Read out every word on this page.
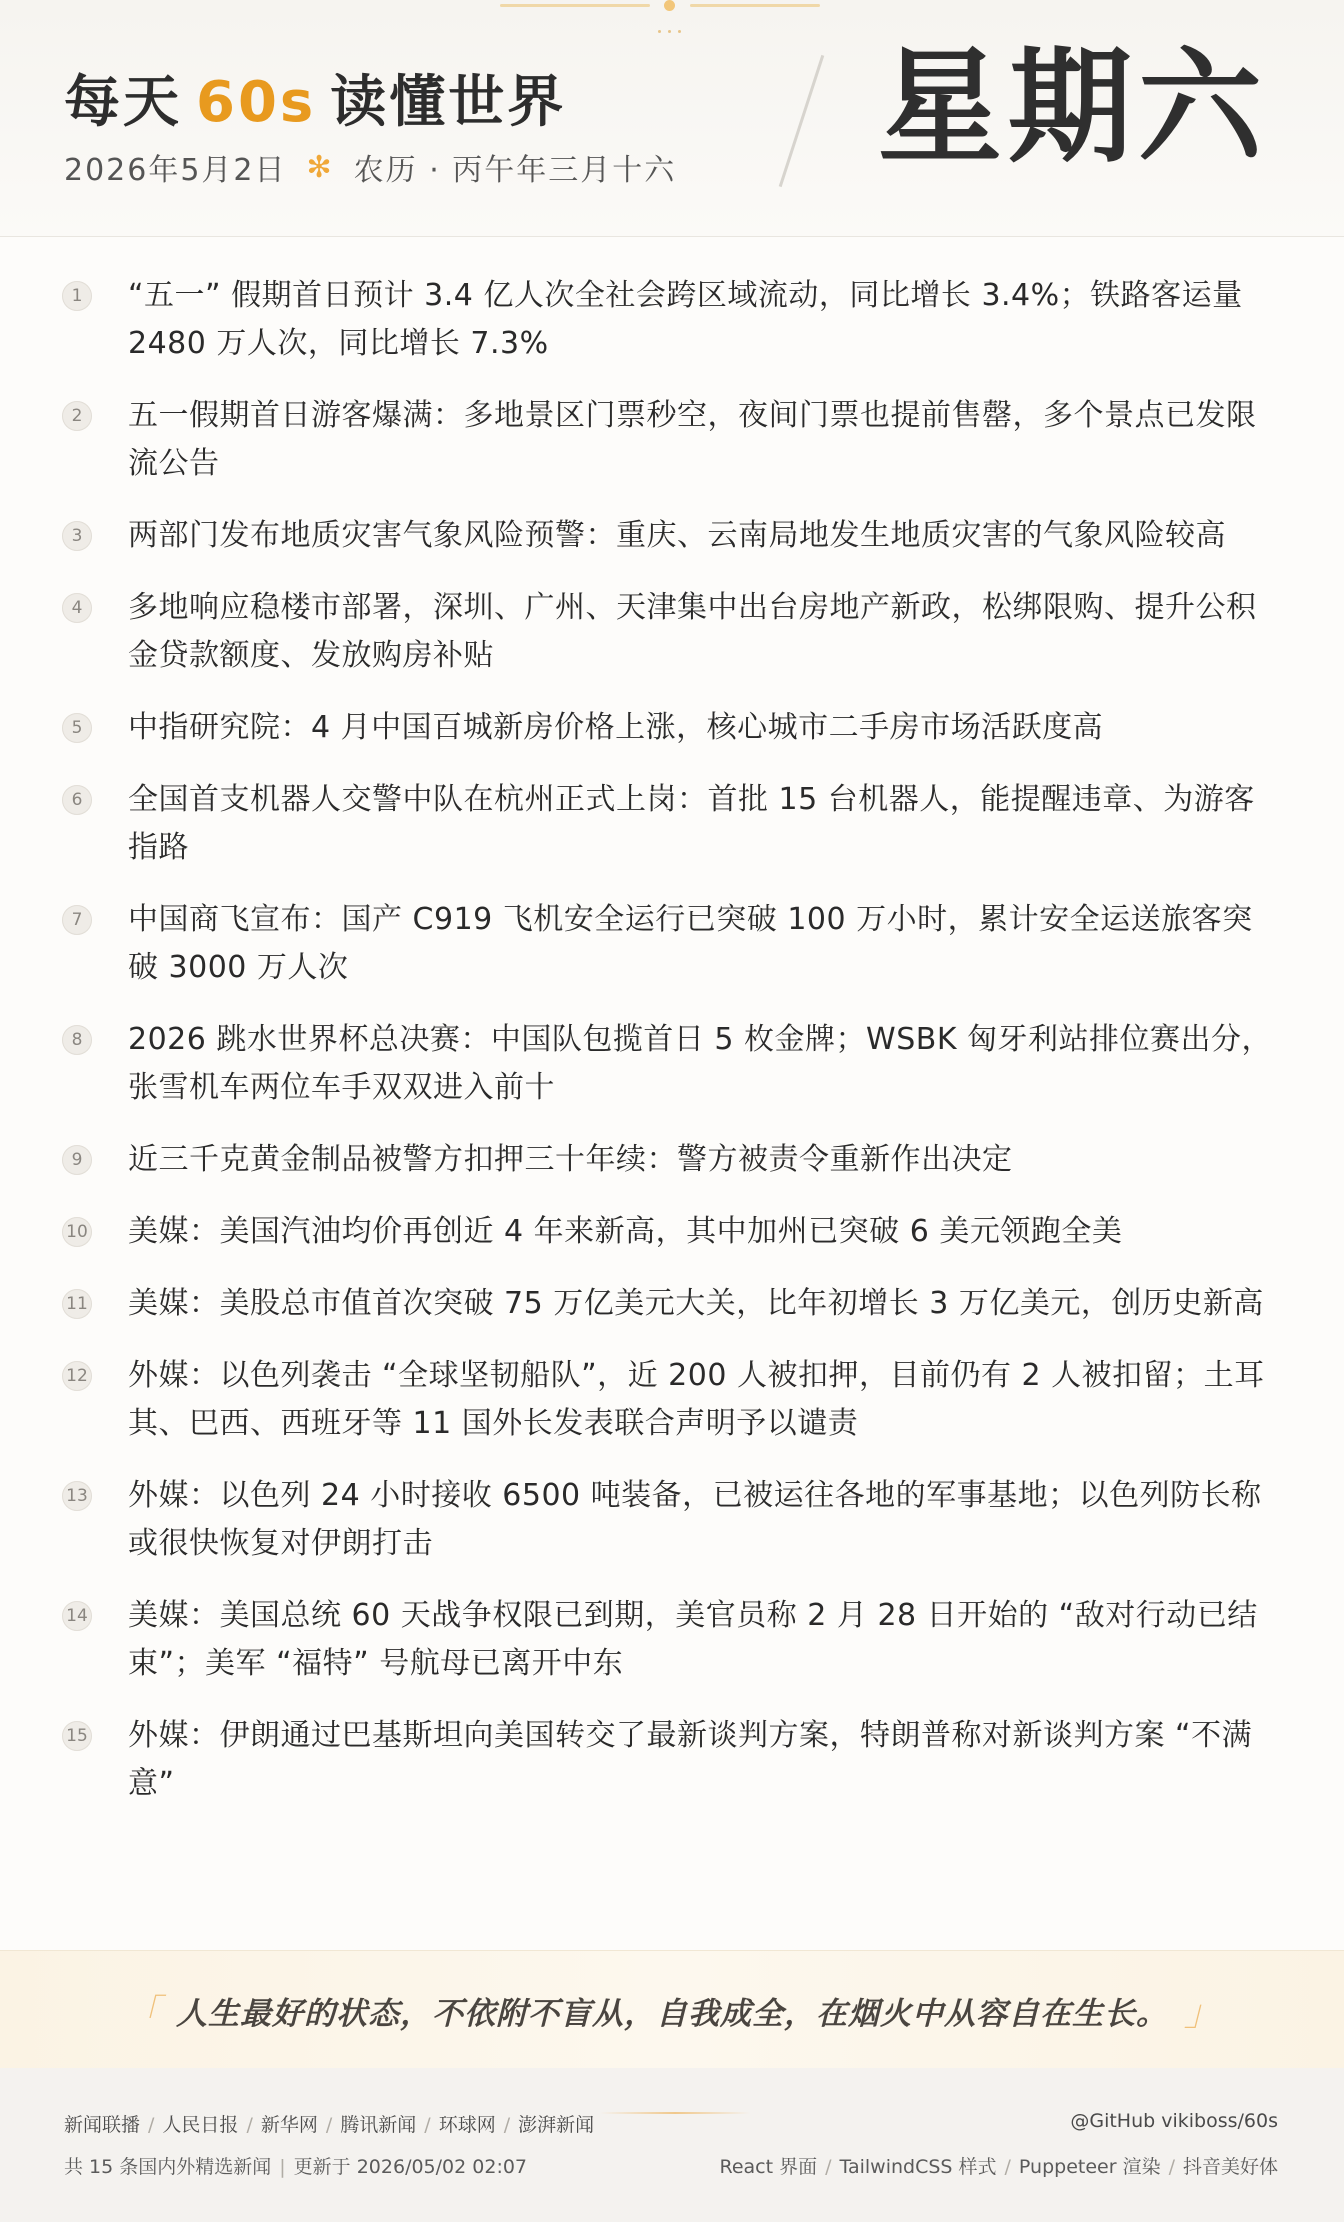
每天 60s 读懂世界
2026年5月2日 ✻ 农历 · 丙午年三月十六 星期六
1	“五一” 假期首日预计 3.4 亿人次全社会跨区域流动，同比增长 3.4%；铁路客运量 2480 万人次，同比增长 7.3%
2	五一假期首日游客爆满：多地景区门票秒空，夜间门票也提前售罄，多个景点已发限流公告
3	两部门发布地质灾害气象风险预警：重庆、云南局地发生地质灾害的气象风险较高
4	多地响应稳楼市部署，深圳、广州、天津集中出台房地产新政，松绑限购、提升公积金贷款额度、发放购房补贴
5	中指研究院：4 月中国百城新房价格上涨，核心城市二手房市场活跃度高
6	全国首支机器人交警中队在杭州正式上岗：首批 15 台机器人，能提醒违章、为游客指路
7	中国商飞宣布：国产 C919 飞机安全运行已突破 100 万小时，累计安全运送旅客突破 3000 万人次
8	2026 跳水世界杯总决赛：中国队包揽首日 5 枚金牌；WSBK 匈牙利站排位赛出分，张雪机车两位车手双双进入前十
9	近三千克黄金制品被警方扣押三十年续：警方被责令重新作出决定
10 美媒：美国汽油均价再创近 4 年来新高，其中加州已突破 6 美元领跑全美
11 美媒：美股总市值首次突破 75 万亿美元大关，比年初增长 3 万亿美元，创历史新高
12 外媒：以色列袭击 “全球坚韧船队”，近 200 人被扣押，目前仍有 2 人被扣留；土耳其、巴西、西班牙等 11 国外长发表联合声明予以谴责
13 外媒：以色列 24 小时接收 6500 吨装备，已被运往各地的军事基地；以色列防长称或很快恢复对伊朗打击
14 美媒：美国总统 60 天战争权限已到期，美官员称 2 月 28 日开始的 “敌对行动已结束”；美军 “福特” 号航母已离开中东
15 外媒：伊朗通过巴基斯坦向美国转交了最新谈判方案，特朗普称对新谈判方案 “不满意”
「 人生最好的状态，不依附不盲从，自我成全，在烟火中从容自在生长。 」
新闻联播 / 人民日报 / 新华网 / 腾讯新闻 / 环球网 / 澎湃新闻
共 15 条国内外精选新闻 | 更新于 2026/05/02 02:07
@GitHub vikiboss/60s
React 界面 / TailwindCSS 样式 / Puppeteer 渲染 / 抖音美好体
